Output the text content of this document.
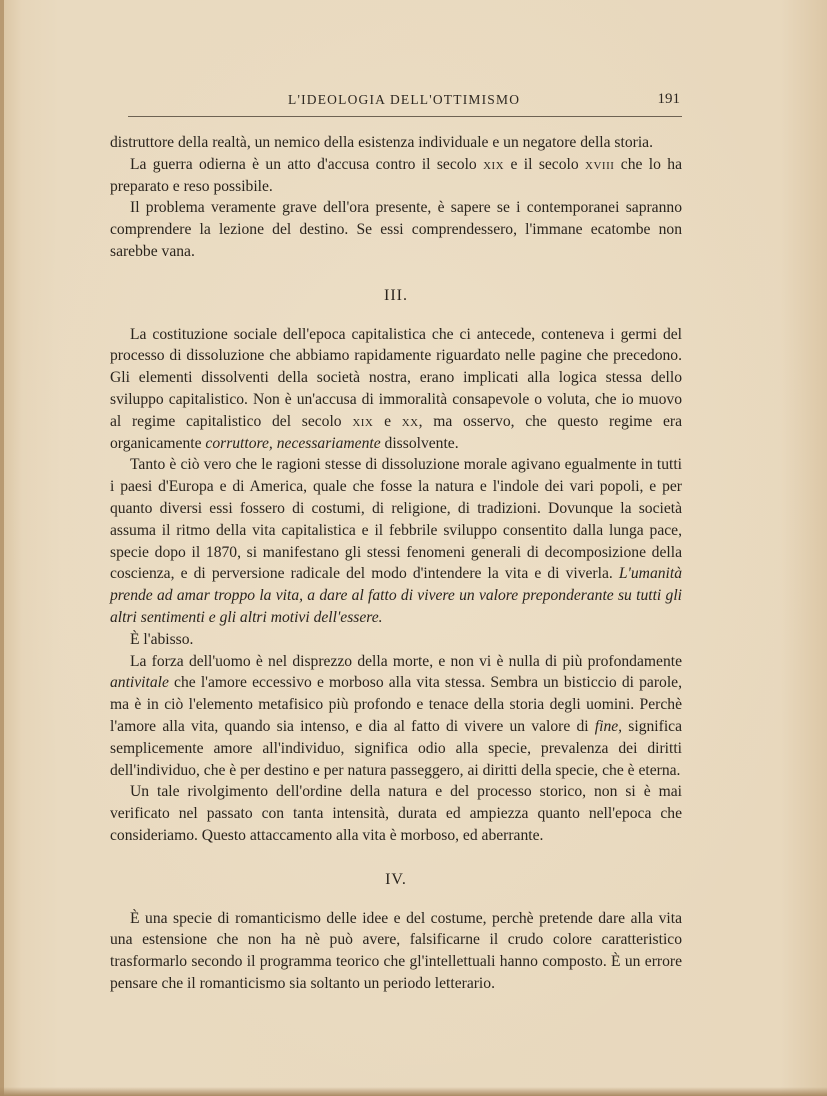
L'IDEOLOGIA DELL'OTTIMISMO	191

distruttore della realtà, un nemico della esistenza individuale e un negatore della storia.

La guerra odierna è un atto d'accusa contro il secolo xix e il secolo xviii che lo ha preparato e reso possibile.

Il problema veramente grave dell'ora presente, è sapere se i contemporanei sapranno comprendere la lezione del destino. Se essi comprendessero, l'immane ecatombe non sarebbe vana.

III.

La costituzione sociale dell'epoca capitalistica che ci antecede, conteneva i germi del processo di dissoluzione che abbiamo rapidamente riguardato nelle pagine che precedono. Gli elementi dissolventi della società nostra, erano implicati alla logica stessa dello sviluppo capitalistico. Non è un'accusa di immoralità consapevole o voluta, che io muovo al regime capitalistico del secolo xix e xx, ma osservo, che questo regime era organicamente corruttore, necessariamente dissolvente.

Tanto è ciò vero che le ragioni stesse di dissoluzione morale agivano egualmente in tutti i paesi d'Europa e di America, quale che fosse la natura e l'indole dei vari popoli, e per quanto diversi essi fossero di costumi, di religione, di tradizioni. Dovunque la società assuma il ritmo della vita capitalistica e il febbrile sviluppo consentito dalla lunga pace, specie dopo il 1870, si manifestano gli stessi fenomeni generali di decomposizione della coscienza, e di perversione radicale del modo d'intendere la vita e di viverla. L'umanità prende ad amar troppo la vita, a dare al fatto di vivere un valore preponderante su tutti gli altri sentimenti e gli altri motivi dell'essere.

È l'abisso.

La forza dell'uomo è nel disprezzo della morte, e non vi è nulla di più profondamente antivitale che l'amore eccessivo e morboso alla vita stessa. Sembra un bisticcio di parole, ma è in ciò l'elemento metafisico più profondo e tenace della storia degli uomini. Perchè l'amore alla vita, quando sia intenso, e dia al fatto di vivere un valore di fine, significa semplicemente amore all'individuo, significa odio alla specie, prevalenza dei diritti dell'individuo, che è per destino e per natura passeggero, ai diritti della specie, che è eterna.

Un tale rivolgimento dell'ordine della natura e del processo storico, non si è mai verificato nel passato con tanta intensità, durata ed ampiezza quanto nell'epoca che consideriamo. Questo attaccamento alla vita è morboso, ed aberrante.

IV.

È una specie di romanticismo delle idee e del costume, perchè pretende dare alla vita una estensione che non ha nè può avere, falsificarne il crudo colore caratteristico trasformarlo secondo il programma teorico che gl'intellettuali hanno composto. È un errore pensare che il romanticismo sia soltanto un periodo letterario.
